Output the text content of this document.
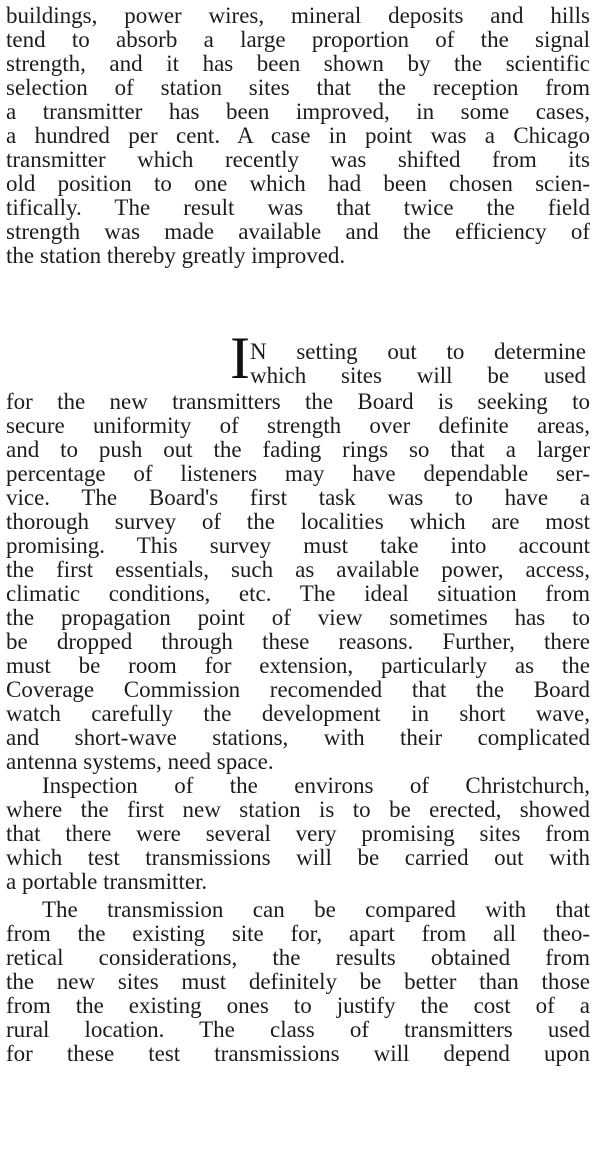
buildings, power wires, mineral deposits and hills
tend to absorb a large proportion of the signal
strength, and it has been shown by the scientific
selection of station sites that the reception from
a transmitter has been improved, in some cases,
a hundred per cent. A case in point was a Chicago
transmitter which recently was shifted from its
old position to one which had been chosen scien-
tifically. The result was that twice the field
strength was made available and the efficiency of
the station thereby greatly improved.
I N setting out to determine
which sites will be used
for the new transmitters the Board is seeking to
secure uniformity of strength over definite areas,
and to push out the fading rings so that a larger
percentage of listeners may have dependable ser-
vice. The Board's first task was to have a
thorough survey of the localities which are most
promising. This survey must take into account
the first essentials, such as available power, access,
climatic conditions, etc. The ideal situation from
the propagation point of view sometimes has to
be dropped through these reasons. Further, there
must be room for extension, particularly as the
Coverage Commission recomended that the Board
watch carefully the development in short wave,
and short-wave stations, with their complicated
antenna systems, need space.
Inspection of the environs of Christchurch,
where the first new station is to be erected, showed
that there were several very promising sites from
which test transmissions will be carried out with
a portable transmitter.
The transmission can be compared with that
from the existing site for, apart from all theo-
retical considerations, the results obtained from
the new sites must definitely be better than those
from the existing ones to justify the cost of a
rural location. The class of transmitters used
for these test transmissions will depend upon
